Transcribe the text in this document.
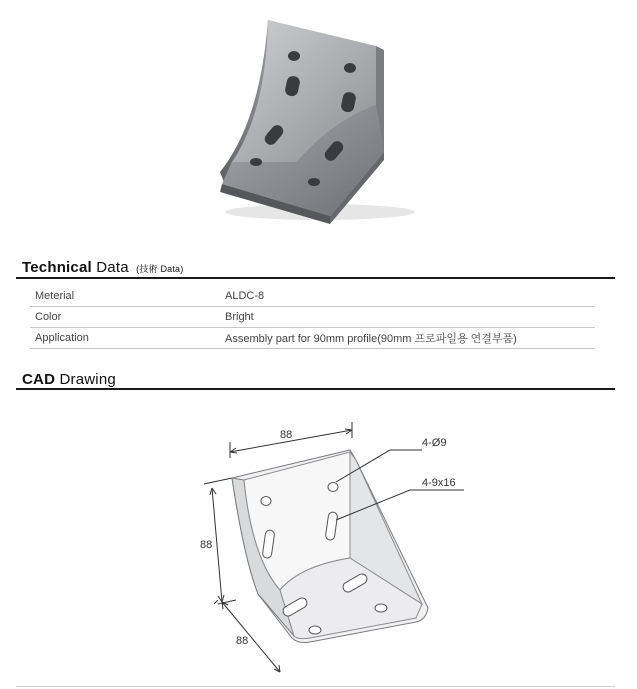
Technical Data (技術 Data)
Meterial	ALDC-8
Color	Bright
Application	Assembly part for 90mm profile(90mm 프로파일용 연결부품)
CAD Drawing
88
88
88
4-Ø9
4-9x16
